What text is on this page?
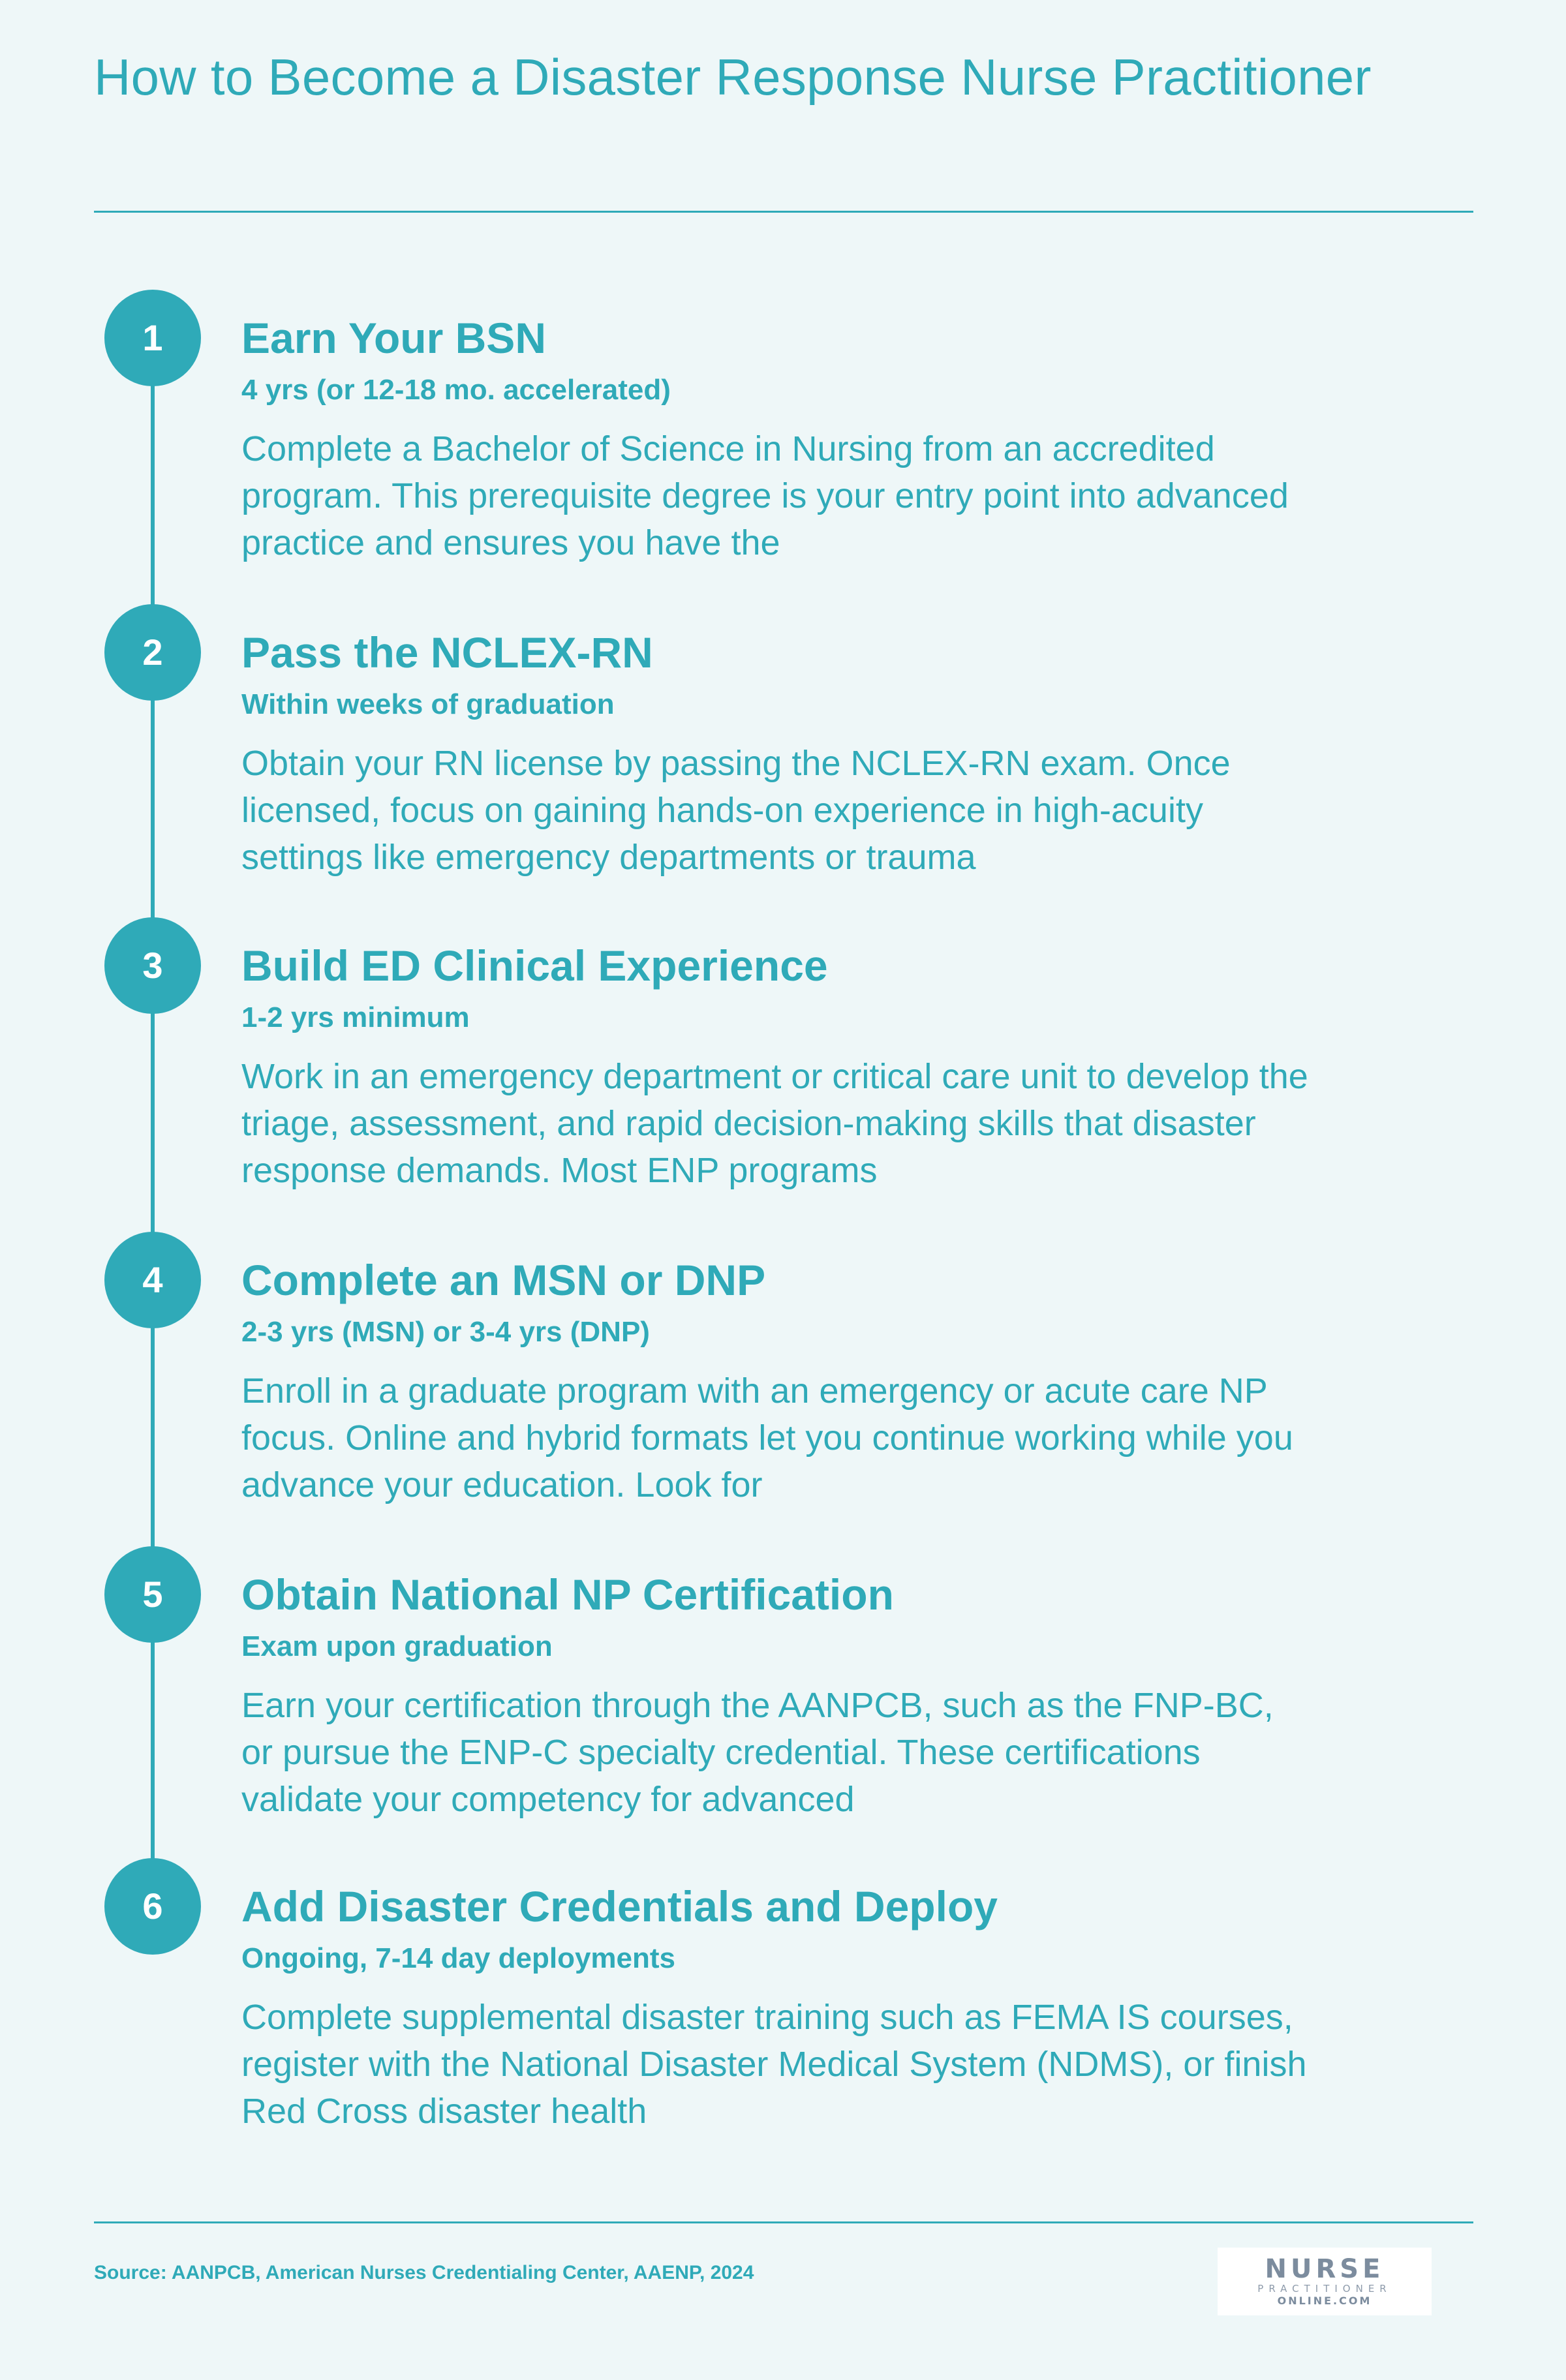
How to Become a Disaster Response Nurse Practitioner
1	Earn Your BSN

4 yrs (or 12-18 mo. accelerated)

Complete a Bachelor of Science in Nursing from an accredited program. This prerequisite degree is your entry point into advanced practice and ensures you have the

2	Pass the NCLEX-RN

Within weeks of graduation

Obtain your RN license by passing the NCLEX-RN exam. Once licensed, focus on gaining hands-on experience in high-acuity settings like emergency departments or trauma

3	Build ED Clinical Experience

1-2 yrs minimum

Work in an emergency department or critical care unit to develop the triage, assessment, and rapid decision-making skills that disaster response demands. Most ENP programs

4	Complete an MSN or DNP

2-3 yrs (MSN) or 3-4 yrs (DNP)

Enroll in a graduate program with an emergency or acute care NP focus. Online and hybrid formats let you continue working while you advance your education. Look for

5	Obtain National NP Certification

Exam upon graduation

Earn your certification through the AANPCB, such as the FNP-BC, or pursue the ENP-C specialty credential. These certifications validate your competency for advanced

6	Add Disaster Credentials and Deploy

Ongoing, 7-14 day deployments

Complete supplemental disaster training such as FEMA IS courses, register with the National Disaster Medical System (NDMS), or finish Red Cross disaster health

Source: AANPCB, American Nurses Credentialing Center, AAENP, 2024	NURSE
PRACTITIONER
ONLINE.COM
